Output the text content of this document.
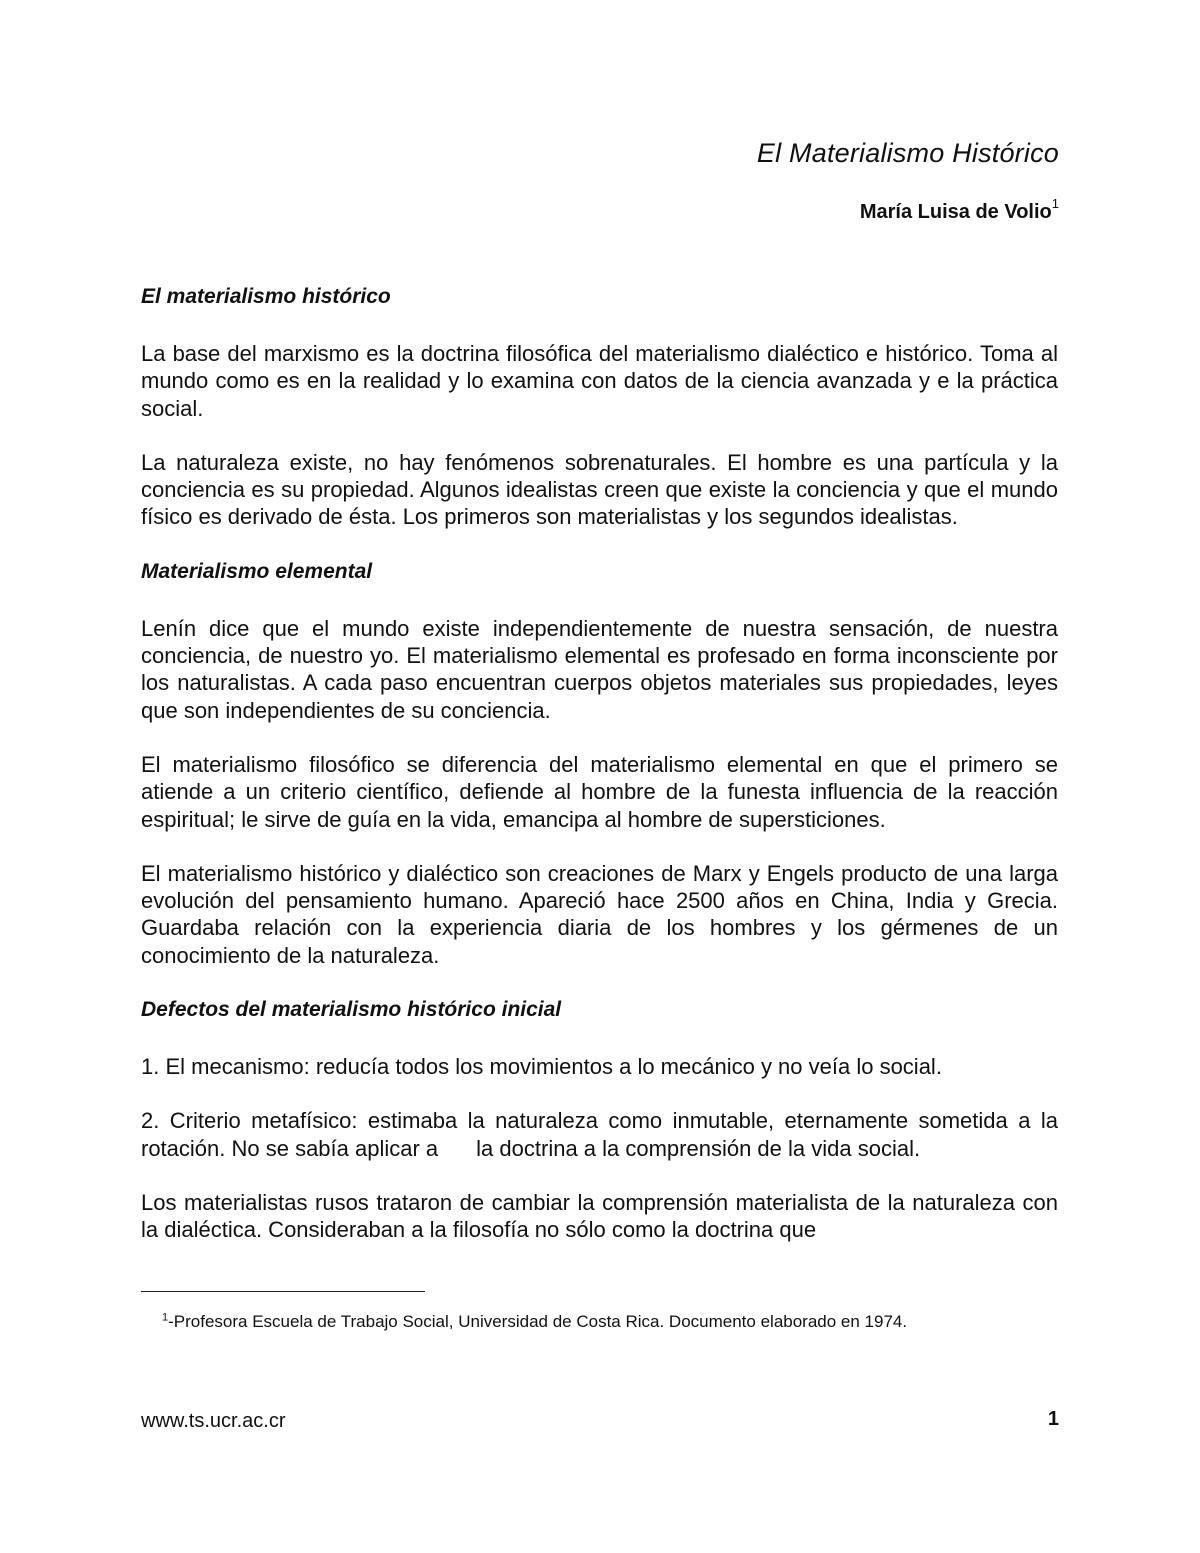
El Materialismo Histórico

María Luisa de Volio$^1$

El materialismo histórico

La base del marxismo es la doctrina filosófica del materialismo dialéctico e histórico. Toma al mundo como es en la realidad y lo examina con datos de la ciencia avanzada y e la práctica social.

La naturaleza existe, no hay fenómenos sobrenaturales. El hombre es una partícula y la conciencia es su propiedad. Algunos idealistas creen que existe la conciencia y que el mundo físico es derivado de ésta. Los primeros son materialistas y los segundos idealistas.

Materialismo elemental

Lenín dice que el mundo existe independientemente de nuestra sensación, de nuestra conciencia, de nuestro yo. El materialismo elemental es profesado en forma inconsciente por los naturalistas. A cada paso encuentran cuerpos objetos materiales sus propiedades, leyes que son independientes de su conciencia.

El materialismo filosófico se diferencia del materialismo elemental en que el primero se atiende a un criterio científico, defiende al hombre de la funesta influencia de la reacción espiritual; le sirve de guía en la vida, emancipa al hombre de supersticiones.

El materialismo histórico y dialéctico son creaciones de Marx y Engels producto de una larga evolución del pensamiento humano. Apareció hace 2500 años en China, India y Grecia. Guardaba relación con la experiencia diaria de los hombres y los gérmenes de un conocimiento de la naturaleza.

Defectos del materialismo histórico inicial

1. El mecanismo: reducía todos los movimientos a lo mecánico y no veía lo social.

2. Criterio metafísico: estimaba la naturaleza como inmutable, eternamente sometida a la rotación. No se sabía aplicar a la doctrina a la comprensión de la vida social.

Los materialistas rusos trataron de cambiar la comprensión materialista de la naturaleza con la dialéctica. Consideraban a la filosofía no sólo como la doctrina que

$^1$-Profesora Escuela de Trabajo Social, Universidad de Costa Rica. Documento elaborado en 1974.

www.ts.ucr.ac.cr	1
